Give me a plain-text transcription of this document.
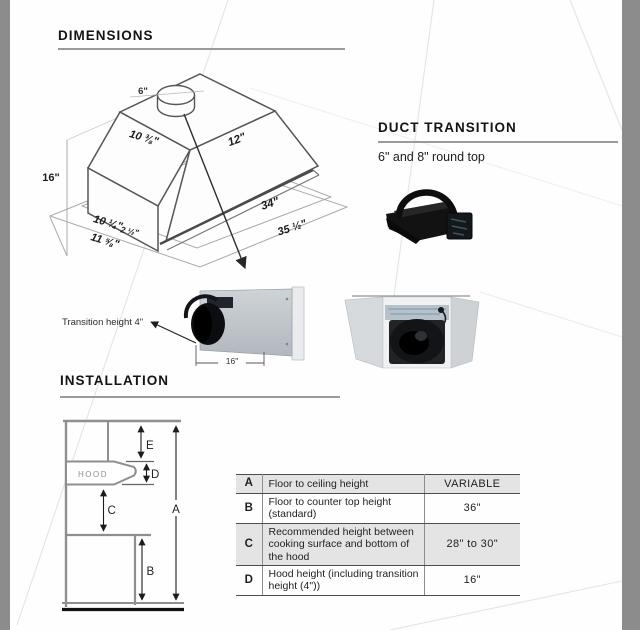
6"
10 ⅜"	12"
16"
10 ¼"
2 ½"
11 ⅝"
34"
35 ½"
16"
Transition height 4"
HOOD
E
D
C
B
A
DIMENSIONS
DUCT TRANSITION
6" and 8" round top
INSTALLATION
A	Floor to ceiling height	VARIABLE
B	Floor to counter top height (standard)	36"
C	Recommended height between cooking surface and bottom of the hood	28" to 30"
D	Hood height (including transition height (4"))	16"
